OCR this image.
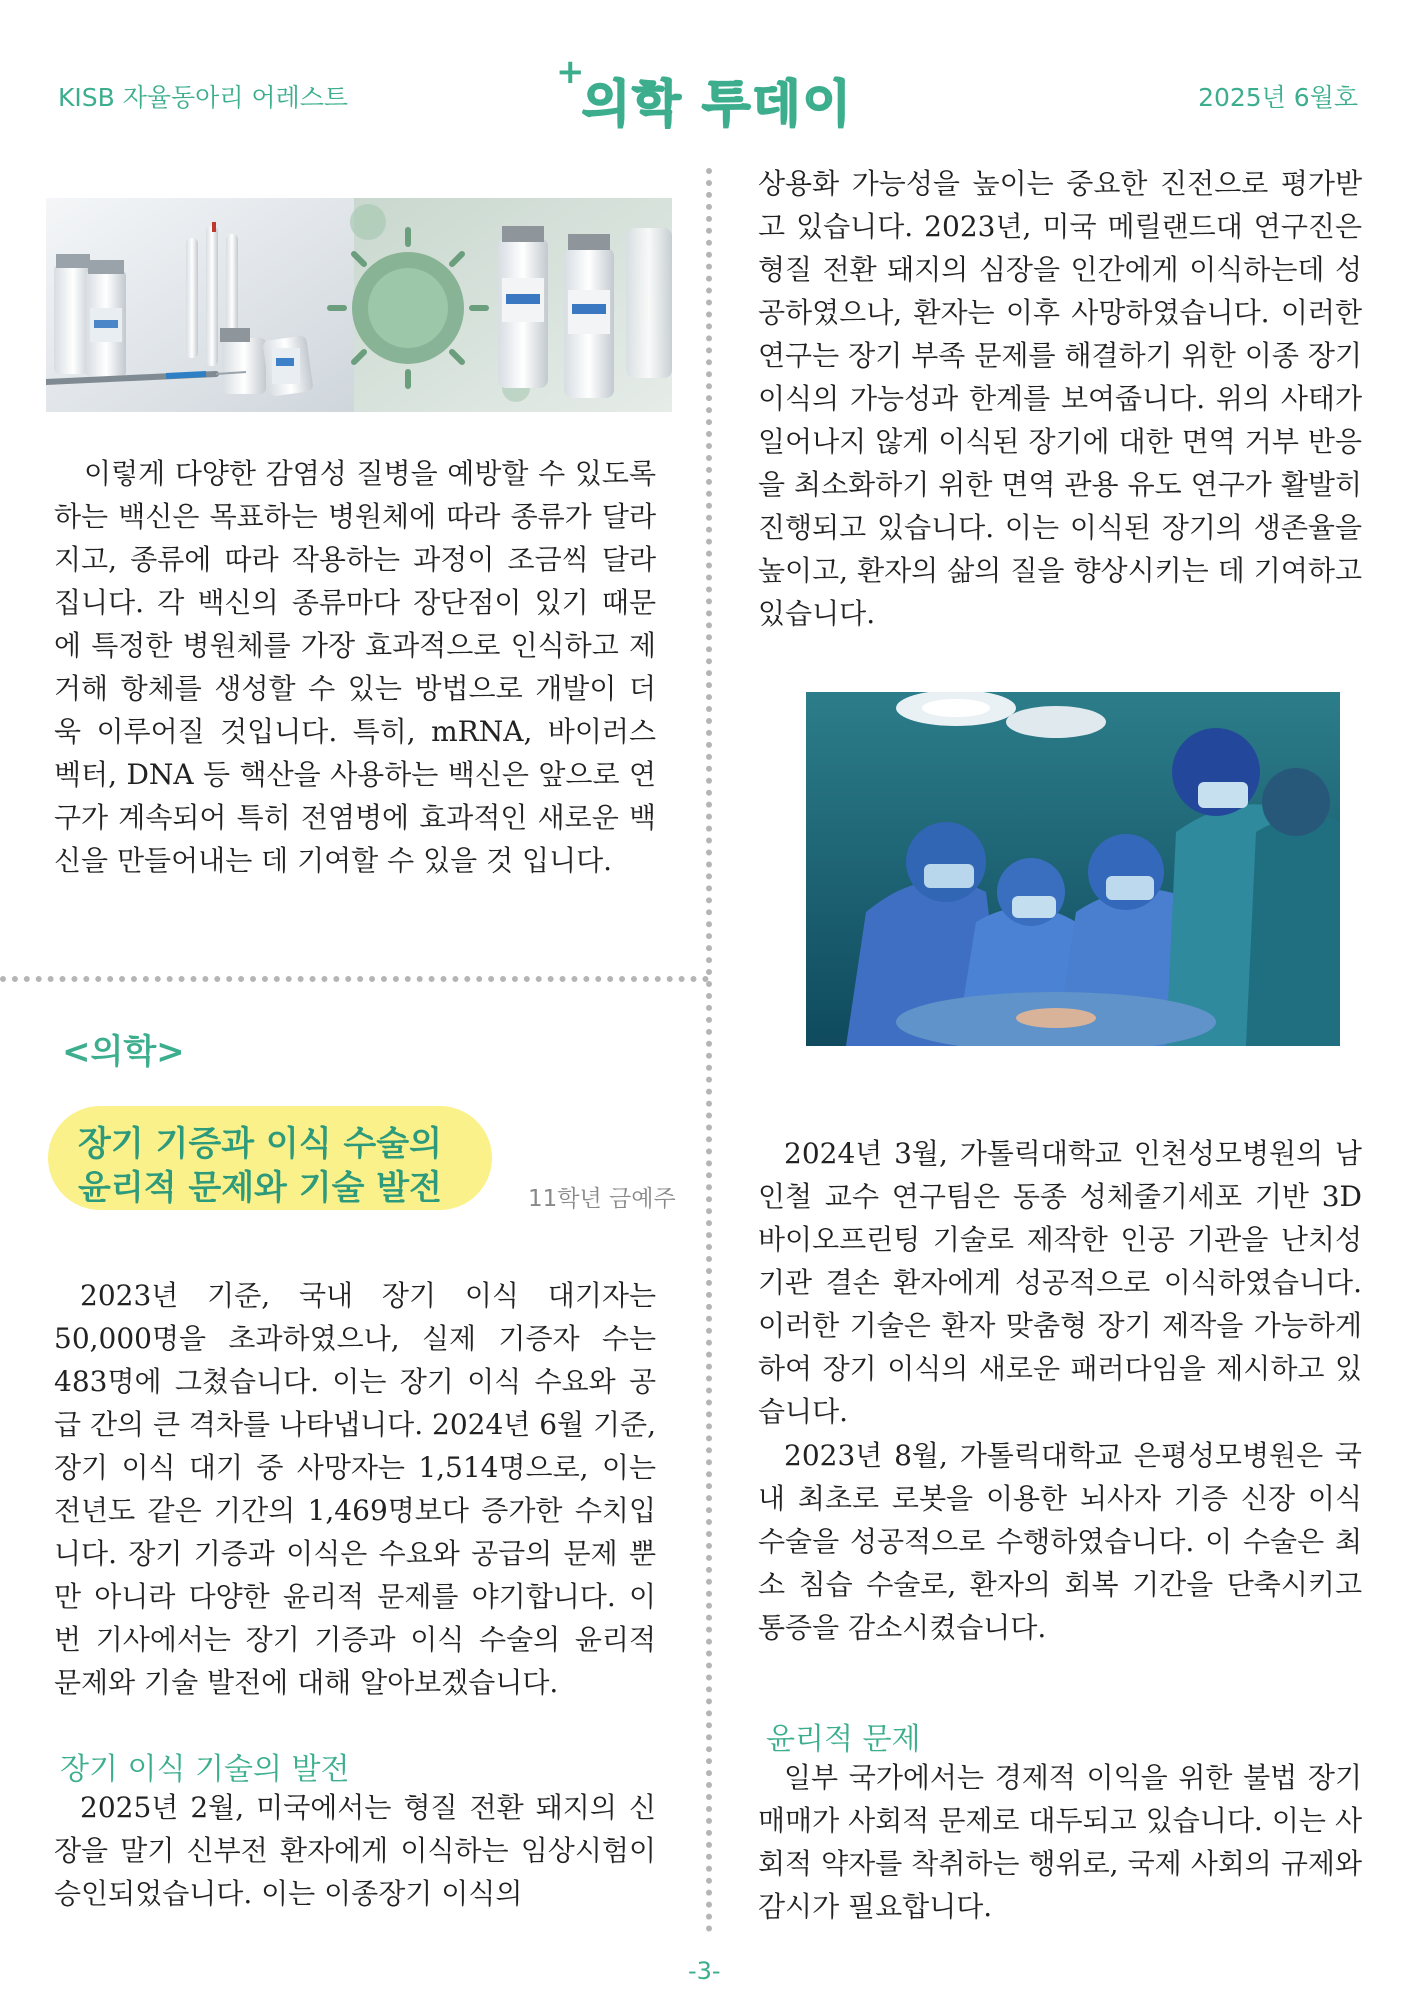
KISB 자율동아리 어레스트
+
의학 투데이	2025년 6월호

이렇게 다양한 감염성 질병을 예방할 수 있도록 하는 백신은 목표하는 병원체에 따라 종류가 달라지고, 종류에 따라 작용하는 과정이 조금씩 달라집니다. 각 백신의 종류마다 장단점이 있기 때문에 특정한 병원체를 가장 효과적으로 인식하고 제거해 항체를 생성할 수 있는 방법으로 개발이 더욱 이루어질 것입니다. 특히, mRNA, 바이러스 벡터, DNA 등 핵산을 사용하는 백신은 앞으로 연구가 계속되어 특히 전염병에 효과적인 새로운 백신을 만들어내는 데 기여할 수 있을 것 입니다.

<의학>
장기 기증과 이식 수술의
윤리적 문제와 기술 발전	11학년 금예주

2023년 기준, 국내 장기 이식 대기자는 50,000명을 초과하였으나, 실제 기증자 수는 483명에 그쳤습니다. 이는 장기 이식 수요와 공급 간의 큰 격차를 나타냅니다. 2024년 6월 기준, 장기 이식 대기 중 사망자는 1,514명으로, 이는 전년도 같은 기간의 1,469명보다 증가한 수치입니다. 장기 기증과 이식은 수요와 공급의 문제 뿐만 아니라 다양한 윤리적 문제를 야기합니다. 이번 기사에서는 장기 기증과 이식 수술의 윤리적 문제와 기술 발전에 대해 알아보겠습니다.

장기 이식 기술의 발전

2025년 2월, 미국에서는 형질 전환 돼지의 신장을 말기 신부전 환자에게 이식하는 임상시험이 승인되었습니다. 이는 이종장기 이식의

상용화 가능성을 높이는 중요한 진전으로 평가받고 있습니다. 2023년, 미국 메릴랜드대 연구진은 형질 전환 돼지의 심장을 인간에게 이식하는데 성공하였으나, 환자는 이후 사망하였습니다. 이러한 연구는 장기 부족 문제를 해결하기 위한 이종 장기 이식의 가능성과 한계를 보여줍니다. 위의 사태가 일어나지 않게 이식된 장기에 대한 면역 거부 반응을 최소화하기 위한 면역 관용 유도 연구가 활발히 진행되고 있습니다. 이는 이식된 장기의 생존율을 높이고, 환자의 삶의 질을 향상시키는 데 기여하고 있습니다.

2024년 3월, 가톨릭대학교 인천성모병원의 남인철 교수 연구팀은 동종 성체줄기세포 기반 3D 바이오프린팅 기술로 제작한 인공 기관을 난치성 기관 결손 환자에게 성공적으로 이식하였습니다. 이러한 기술은 환자 맞춤형 장기 제작을 가능하게 하여 장기 이식의 새로운 패러다임을 제시하고 있습니다.

2023년 8월, 가톨릭대학교 은평성모병원은 국내 최초로 로봇을 이용한 뇌사자 기증 신장 이식 수술을 성공적으로 수행하였습니다. 이 수술은 최소 침습 수술로, 환자의 회복 기간을 단축시키고 통증을 감소시켰습니다.

윤리적 문제

일부 국가에서는 경제적 이익을 위한 불법 장기 매매가 사회적 문제로 대두되고 있습니다. 이는 사회적 약자를 착취하는 행위로, 국제 사회의 규제와 감시가 필요합니다.

-3-
